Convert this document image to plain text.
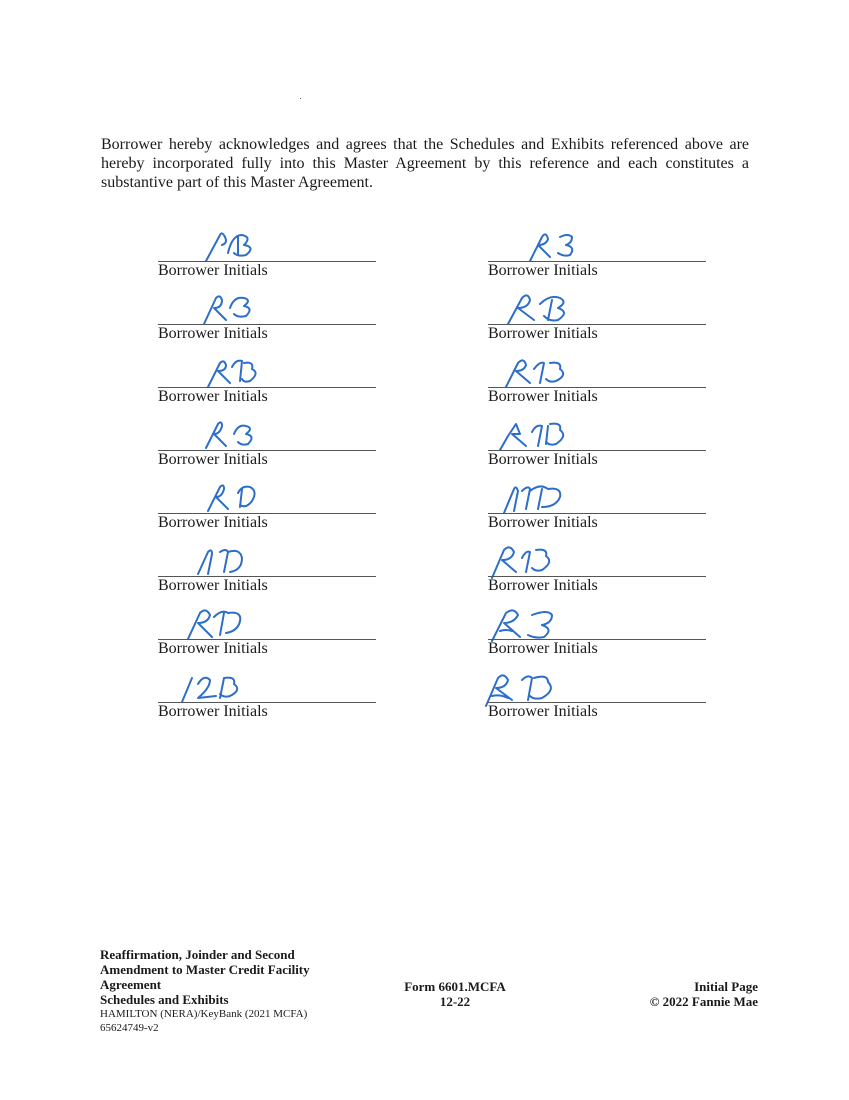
Borrower hereby acknowledges and agrees that the Schedules and Exhibits referenced above are hereby incorporated fully into this Master Agreement by this reference and each constitutes a substantive part of this Master Agreement.

Borrower Initials
Borrower Initials
Borrower Initials
Borrower Initials
Borrower Initials
Borrower Initials
Borrower Initials
Borrower Initials
Borrower Initials
Borrower Initials
Borrower Initials
Borrower Initials
Borrower Initials
Borrower Initials
Borrower Initials
Borrower Initials
Reaffirmation, Joinder and Second
Amendment to Master Credit Facility
Agreement
Schedules and Exhibits
HAMILTON (NERA)/KeyBank (2021 MCFA)
65624749-v2
Form 6601.MCFA
12-22
Initial Page
© 2022 Fannie Mae
